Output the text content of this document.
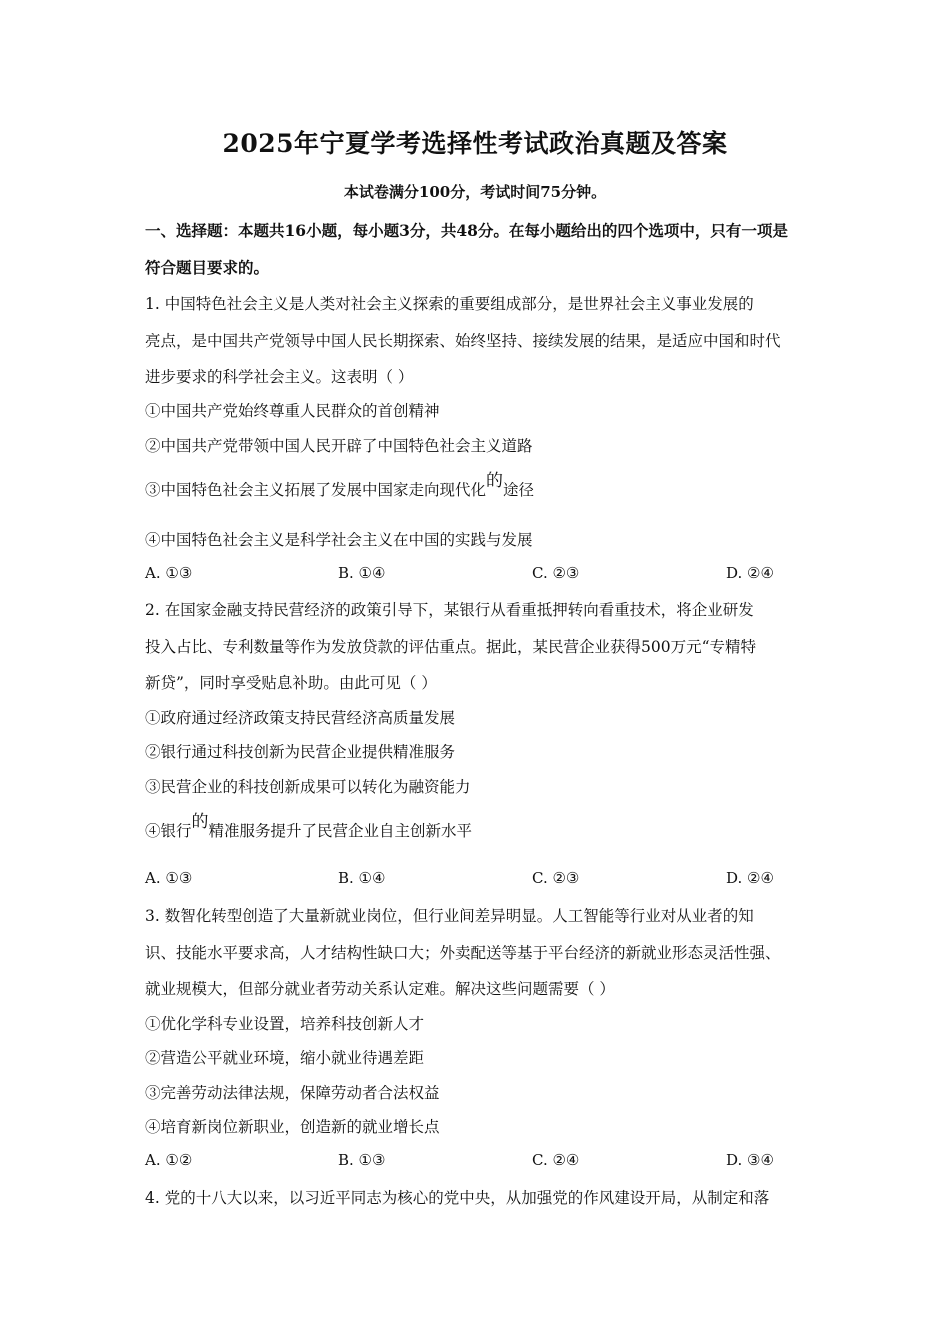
2025年宁夏学考选择性考试政治真题及答案
本试卷满分100分，考试时间75分钟。
一、选择题：本题共16小题，每小题3分，共48分。在每小题给出的四个选项中，只有一项是
符合题目要求的。
1. 中国特色社会主义是人类对社会主义探索的重要组成部分，是世界社会主义事业发展的
亮点，是中国共产党领导中国人民长期探索、始终坚持、接续发展的结果，是适应中国和时代
进步要求的科学社会主义。这表明（ ）
①中国共产党始终尊重人民群众的首创精神
②中国共产党带领中国人民开辟了中国特色社会主义道路
③中国特色社会主义拓展了发展中国家走向现代化的途径
④中国特色社会主义是科学社会主义在中国的实践与发展
A. ①③	B. ①④	C. ②③	D. ②④
2. 在国家金融支持民营经济的政策引导下，某银行从看重抵押转向看重技术，将企业研发
投入占比、专利数量等作为发放贷款的评估重点。据此，某民营企业获得500万元“专精特
新贷”，同时享受贴息补助。由此可见（ ）
①政府通过经济政策支持民营经济高质量发展
②银行通过科技创新为民营企业提供精准服务
③民营企业的科技创新成果可以转化为融资能力
④银行的精准服务提升了民营企业自主创新水平
A. ①③	B. ①④	C. ②③	D. ②④
3. 数智化转型创造了大量新就业岗位，但行业间差异明显。人工智能等行业对从业者的知
识、技能水平要求高，人才结构性缺口大；外卖配送等基于平台经济的新就业形态灵活性强、
就业规模大，但部分就业者劳动关系认定难。解决这些问题需要（ ）
①优化学科专业设置，培养科技创新人才
②营造公平就业环境，缩小就业待遇差距
③完善劳动法律法规，保障劳动者合法权益
④培育新岗位新职业，创造新的就业增长点
A. ①②	B. ①③	C. ②④	D. ③④
4. 党的十八大以来，以习近平同志为核心的党中央，从加强党的作风建设开局，从制定和落
